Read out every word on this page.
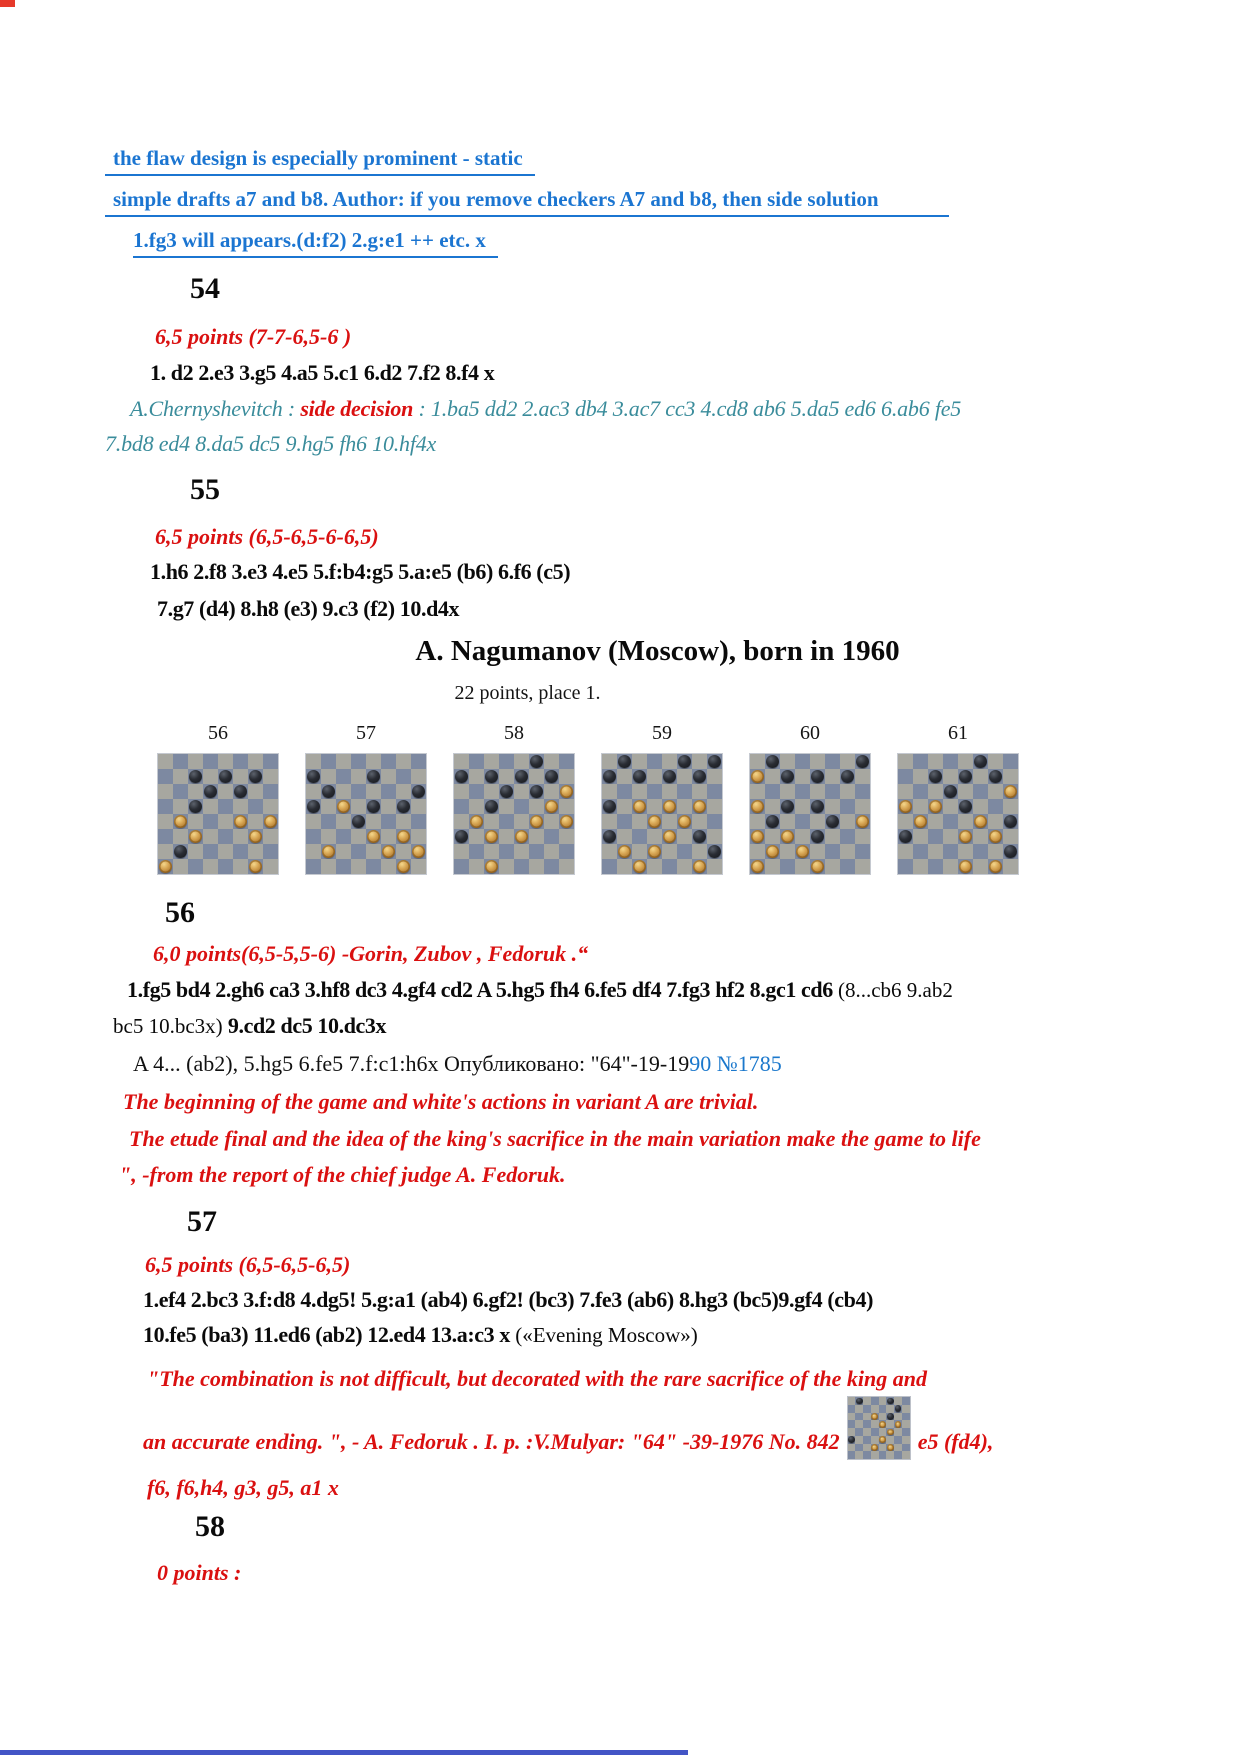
the flaw design is especially prominent - static
simple drafts a7 and b8. Author: if you remove checkers A7 and b8, then side solution
1.fg3 will appears.(d:f2) 2.g:e1 ++ etc. x
54
6,5 points (7-7-6,5-6 )
1. d2 2.e3 3.g5 4.a5 5.c1 6.d2 7.f2 8.f4 x
A.Chernyshevitch : side decision : 1.ba5 dd2 2.ac3 db4 3.ac7 cc3 4.cd8 ab6 5.da5 ed6 6.ab6 fe5
7.bd8 ed4 8.da5 dc5 9.hg5 fh6 10.hf4x
55
6,5 points (6,5-6,5-6-6,5)
1.h6 2.f8 3.e3 4.e5 5.f:b4:g5 5.a:e5 (b6) 6.f6 (c5)
7.g7 (d4) 8.h8 (e3) 9.c3 (f2) 10.d4x
A. Nagumanov (Moscow), born in 1960
22 points, place 1.
56	57	58	59	60	61
56
6,0 points(6,5-5,5-6) -Gorin, Zubov , Fedoruk .“
1.fg5 bd4 2.gh6 ca3 3.hf8 dc3 4.gf4 cd2 A 5.hg5 fh4 6.fe5 df4 7.fg3 hf2 8.gc1 cd6 (8...cb6 9.ab2
bc5 10.bc3x) 9.cd2 dc5 10.dc3x
A 4... (ab2), 5.hg5 6.fe5 7.f:c1:h6x Опубликовано: "64"-19-1990 №1785
The beginning of the game and white's actions in variant A are trivial.
The etude final and the idea of the king's sacrifice in the main variation make the game to life
", -from the report of the chief judge A. Fedoruk.
57
6,5 points (6,5-6,5-6,5)
1.ef4 2.bc3 3.f:d8 4.dg5! 5.g:a1 (ab4) 6.gf2! (bc3) 7.fe3 (ab6) 8.hg3 (bc5)9.gf4 (cb4)
10.fe5 (ba3) 11.ed6 (ab2) 12.ed4 13.a:c3 x («Evening Moscow»)
"The combination is not difficult, but decorated with the rare sacrifice of the king and
an accurate ending. ", - A. Fedoruk . I. p. :V.Mulyar: "64" -39-1976 No. 842	e5 (fd4),
f6, f6,h4, g3, g5, a1 x
58
0 points :
